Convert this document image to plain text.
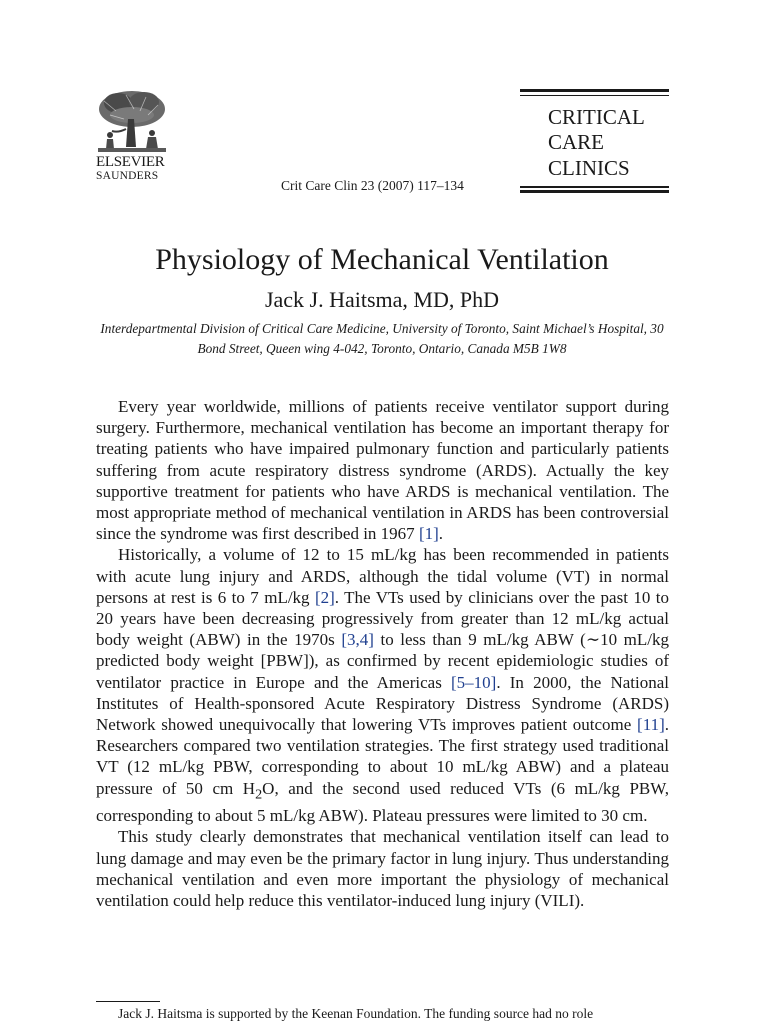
ELSEVIER
SAUNDERS
Crit Care Clin 23 (2007) 117–134
CRITICAL
CARE
CLINICS
Physiology of Mechanical Ventilation
Jack J. Haitsma, MD, PhD
Interdepartmental Division of Critical Care Medicine, University of Toronto, Saint Michael’s Hospital, 30 Bond Street, Queen wing 4-042, Toronto, Ontario, Canada M5B 1W8

Every year worldwide, millions of patients receive ventilator support during surgery. Furthermore, mechanical ventilation has become an important therapy for treating patients who have impaired pulmonary function and particularly patients suffering from acute respiratory distress syndrome (ARDS). Actually the key supportive treatment for patients who have ARDS is mechanical ventilation. The most appropriate method of mechanical ventilation in ARDS has been controversial since the syndrome was first described in 1967 [1].

Historically, a volume of 12 to 15 mL/kg has been recommended in patients with acute lung injury and ARDS, although the tidal volume (VT) in normal persons at rest is 6 to 7 mL/kg [2]. The VTs used by clinicians over the past 10 to 20 years have been decreasing progressively from greater than 12 mL/kg actual body weight (ABW) in the 1970s [3,4] to less than 9 mL/kg ABW (∼10 mL/kg predicted body weight [PBW]), as confirmed by recent epidemiologic studies of ventilator practice in Europe and the Americas [5–10]. In 2000, the National Institutes of Health-sponsored Acute Respiratory Distress Syndrome (ARDS) Network showed unequivocally that lowering VTs improves patient outcome [11]. Researchers compared two ventilation strategies. The first strategy used traditional VT (12 mL/kg PBW, corresponding to about 10 mL/kg ABW) and a plateau pressure of 50 cm $H_2O$, and the second used reduced VTs (6 mL/kg PBW, corresponding to about 5 mL/kg ABW). Plateau pressures were limited to 30 cm.

This study clearly demonstrates that mechanical ventilation itself can lead to lung damage and may even be the primary factor in lung injury. Thus understanding mechanical ventilation and even more important the physiology of mechanical ventilation could help reduce this ventilator-induced lung injury (VILI).

Jack J. Haitsma is supported by the Keenan Foundation. The funding source had no role
